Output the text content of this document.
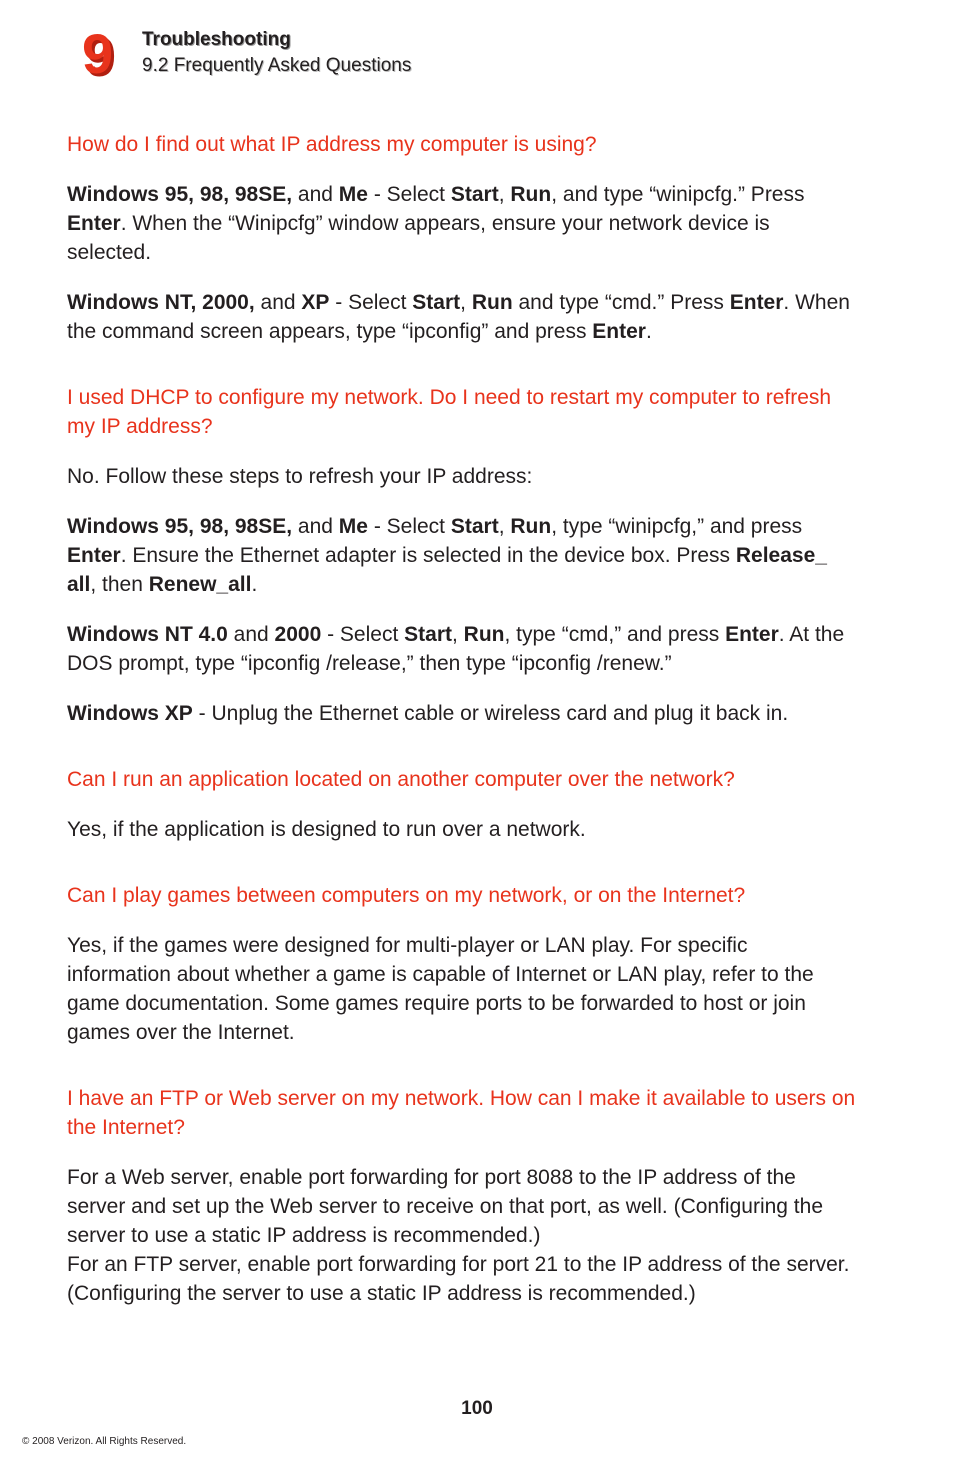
9 Troubleshooting
9.2 Frequently Asked Questions
How do I find out what IP address my computer is using?
Windows 95, 98, 98SE, and Me - Select Start, Run, and type “winipcfg.” Press Enter. When the “Winipcfg” window appears, ensure your network device is selected.
Windows NT, 2000, and XP - Select Start, Run and type “cmd.” Press Enter. When the command screen appears, type “ipconfig” and press Enter.
I used DHCP to configure my network. Do I need to restart my computer to refresh my IP address?
No. Follow these steps to refresh your IP address:
Windows 95, 98, 98SE, and Me - Select Start, Run, type “winipcfg,” and press Enter. Ensure the Ethernet adapter is selected in the device box. Press Release_ all, then Renew_all.
Windows NT 4.0 and 2000 - Select Start, Run, type “cmd,” and press Enter. At the DOS prompt, type “ipconfig /release,” then type “ipconfig /renew.”
Windows XP - Unplug the Ethernet cable or wireless card and plug it back in.
Can I run an application located on another computer over the network?
Yes, if the application is designed to run over a network.
Can I play games between computers on my network, or on the Internet?
Yes, if the games were designed for multi-player or LAN play. For specific information about whether a game is capable of Internet or LAN play, refer to the game documentation. Some games require ports to be forwarded to host or join games over the Internet.
I have an FTP or Web server on my network. How can I make it available to users on the Internet?
For a Web server, enable port forwarding for port 8088 to the IP address of the server and set up the Web server to receive on that port, as well. (Configuring the server to use a static IP address is recommended.)
For an FTP server, enable port forwarding for port 21 to the IP address of the server. (Configuring the server to use a static IP address is recommended.)
100
© 2008 Verizon. All Rights Reserved.
